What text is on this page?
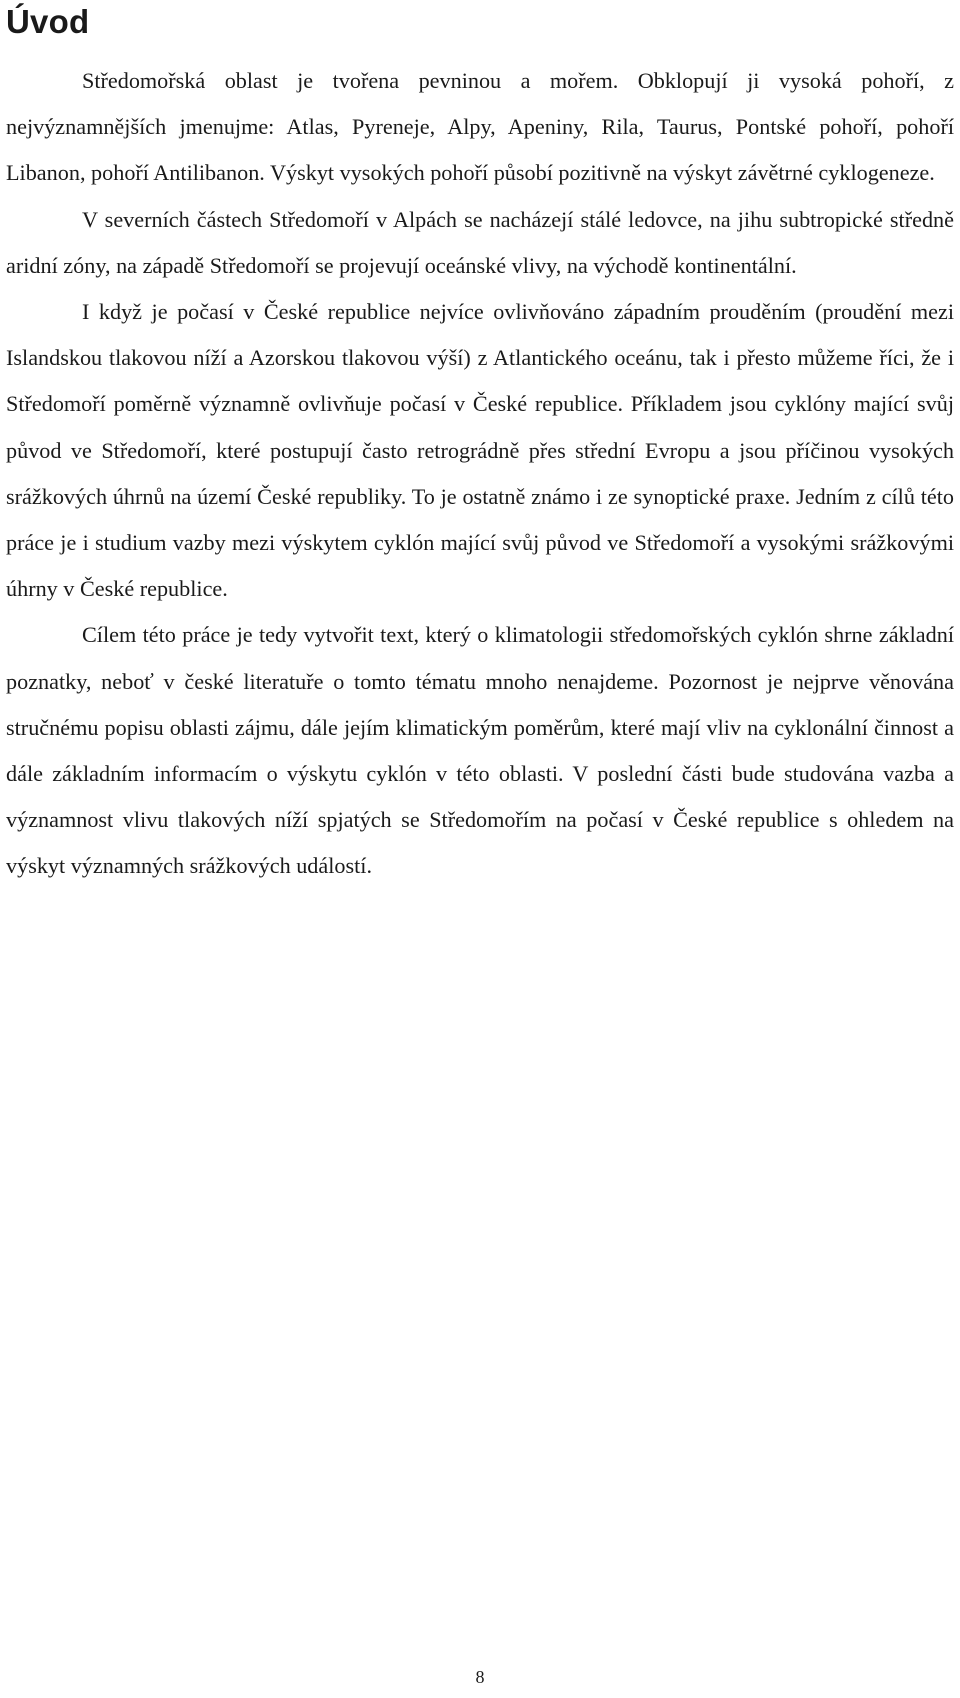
Úvod

Středomořská oblast je tvořena pevninou a mořem. Obklopují ji vysoká pohoří, z nejvýznamnějších jmenujme: Atlas, Pyreneje, Alpy, Apeniny, Rila, Taurus, Pontské pohoří, pohoří Libanon, pohoří Antilibanon. Výskyt vysokých pohoří působí pozitivně na výskyt závětrné cyklogeneze.

V severních částech Středomoří v Alpách se nacházejí stálé ledovce, na jihu subtropické středně aridní zóny, na západě Středomoří se projevují oceánské vlivy, na východě kontinentální.

I když je počasí v České republice nejvíce ovlivňováno západním prouděním (proudění mezi Islandskou tlakovou níží a Azorskou tlakovou výší) z Atlantického oceánu, tak i přesto můžeme říci, že i Středomoří poměrně významně ovlivňuje počasí v České republice. Příkladem jsou cyklóny mající svůj původ ve Středomoří, které postupují často retrográdně přes střední Evropu a jsou příčinou vysokých srážkových úhrnů na území České republiky. To je ostatně známo i ze synoptické praxe. Jedním z cílů této práce je i studium vazby mezi výskytem cyklón mající svůj původ ve Středomoří a vysokými srážkovými úhrny v České republice.

Cílem této práce je tedy vytvořit text, který o klimatologii středomořských cyklón shrne základní poznatky, neboť v české literatuře o tomto tématu mnoho nenajdeme. Pozornost je nejprve věnována stručnému popisu oblasti zájmu, dále jejím klimatickým poměrům, které mají vliv na cyklonální činnost a dále základním informacím o výskytu cyklón v této oblasti. V poslední části bude studována vazba a významnost vlivu tlakových níží spjatých se Středomořím na počasí v České republice s ohledem na výskyt významných srážkových událostí.

8
